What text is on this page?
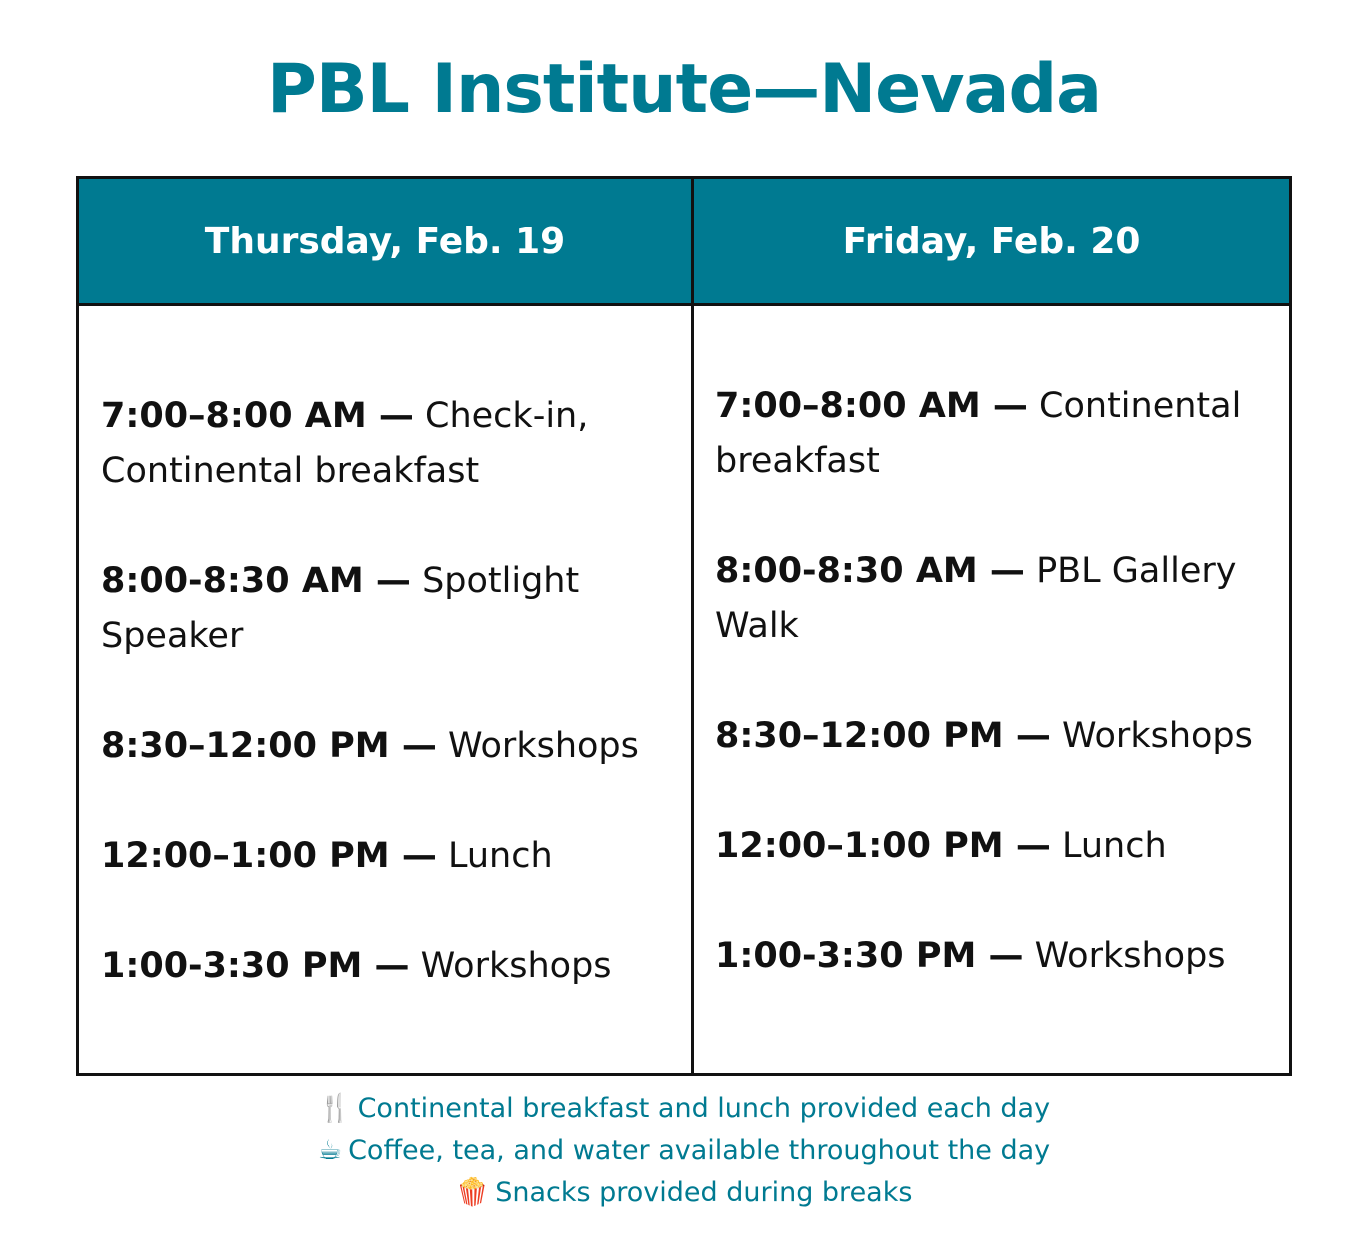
PBL Institute—Nevada
Thursday, Feb. 19	Friday, Feb. 20
7:00–8:00 AM — Check-in, Continental breakfast
8:00-8:30 AM — Spotlight Speaker
8:30–12:00 PM — Workshops
12:00–1:00 PM — Lunch
1:00-3:30 PM — Workshops
7:00–8:00 AM — Continental breakfast
8:00-8:30 AM — PBL Gallery Walk
8:30–12:00 PM — Workshops
12:00–1:00 PM — Lunch
1:00-3:30 PM — Workshops
🍴 Continental breakfast and lunch provided each day
☕ Coffee, tea, and water available throughout the day
🍿 Snacks provided during breaks
